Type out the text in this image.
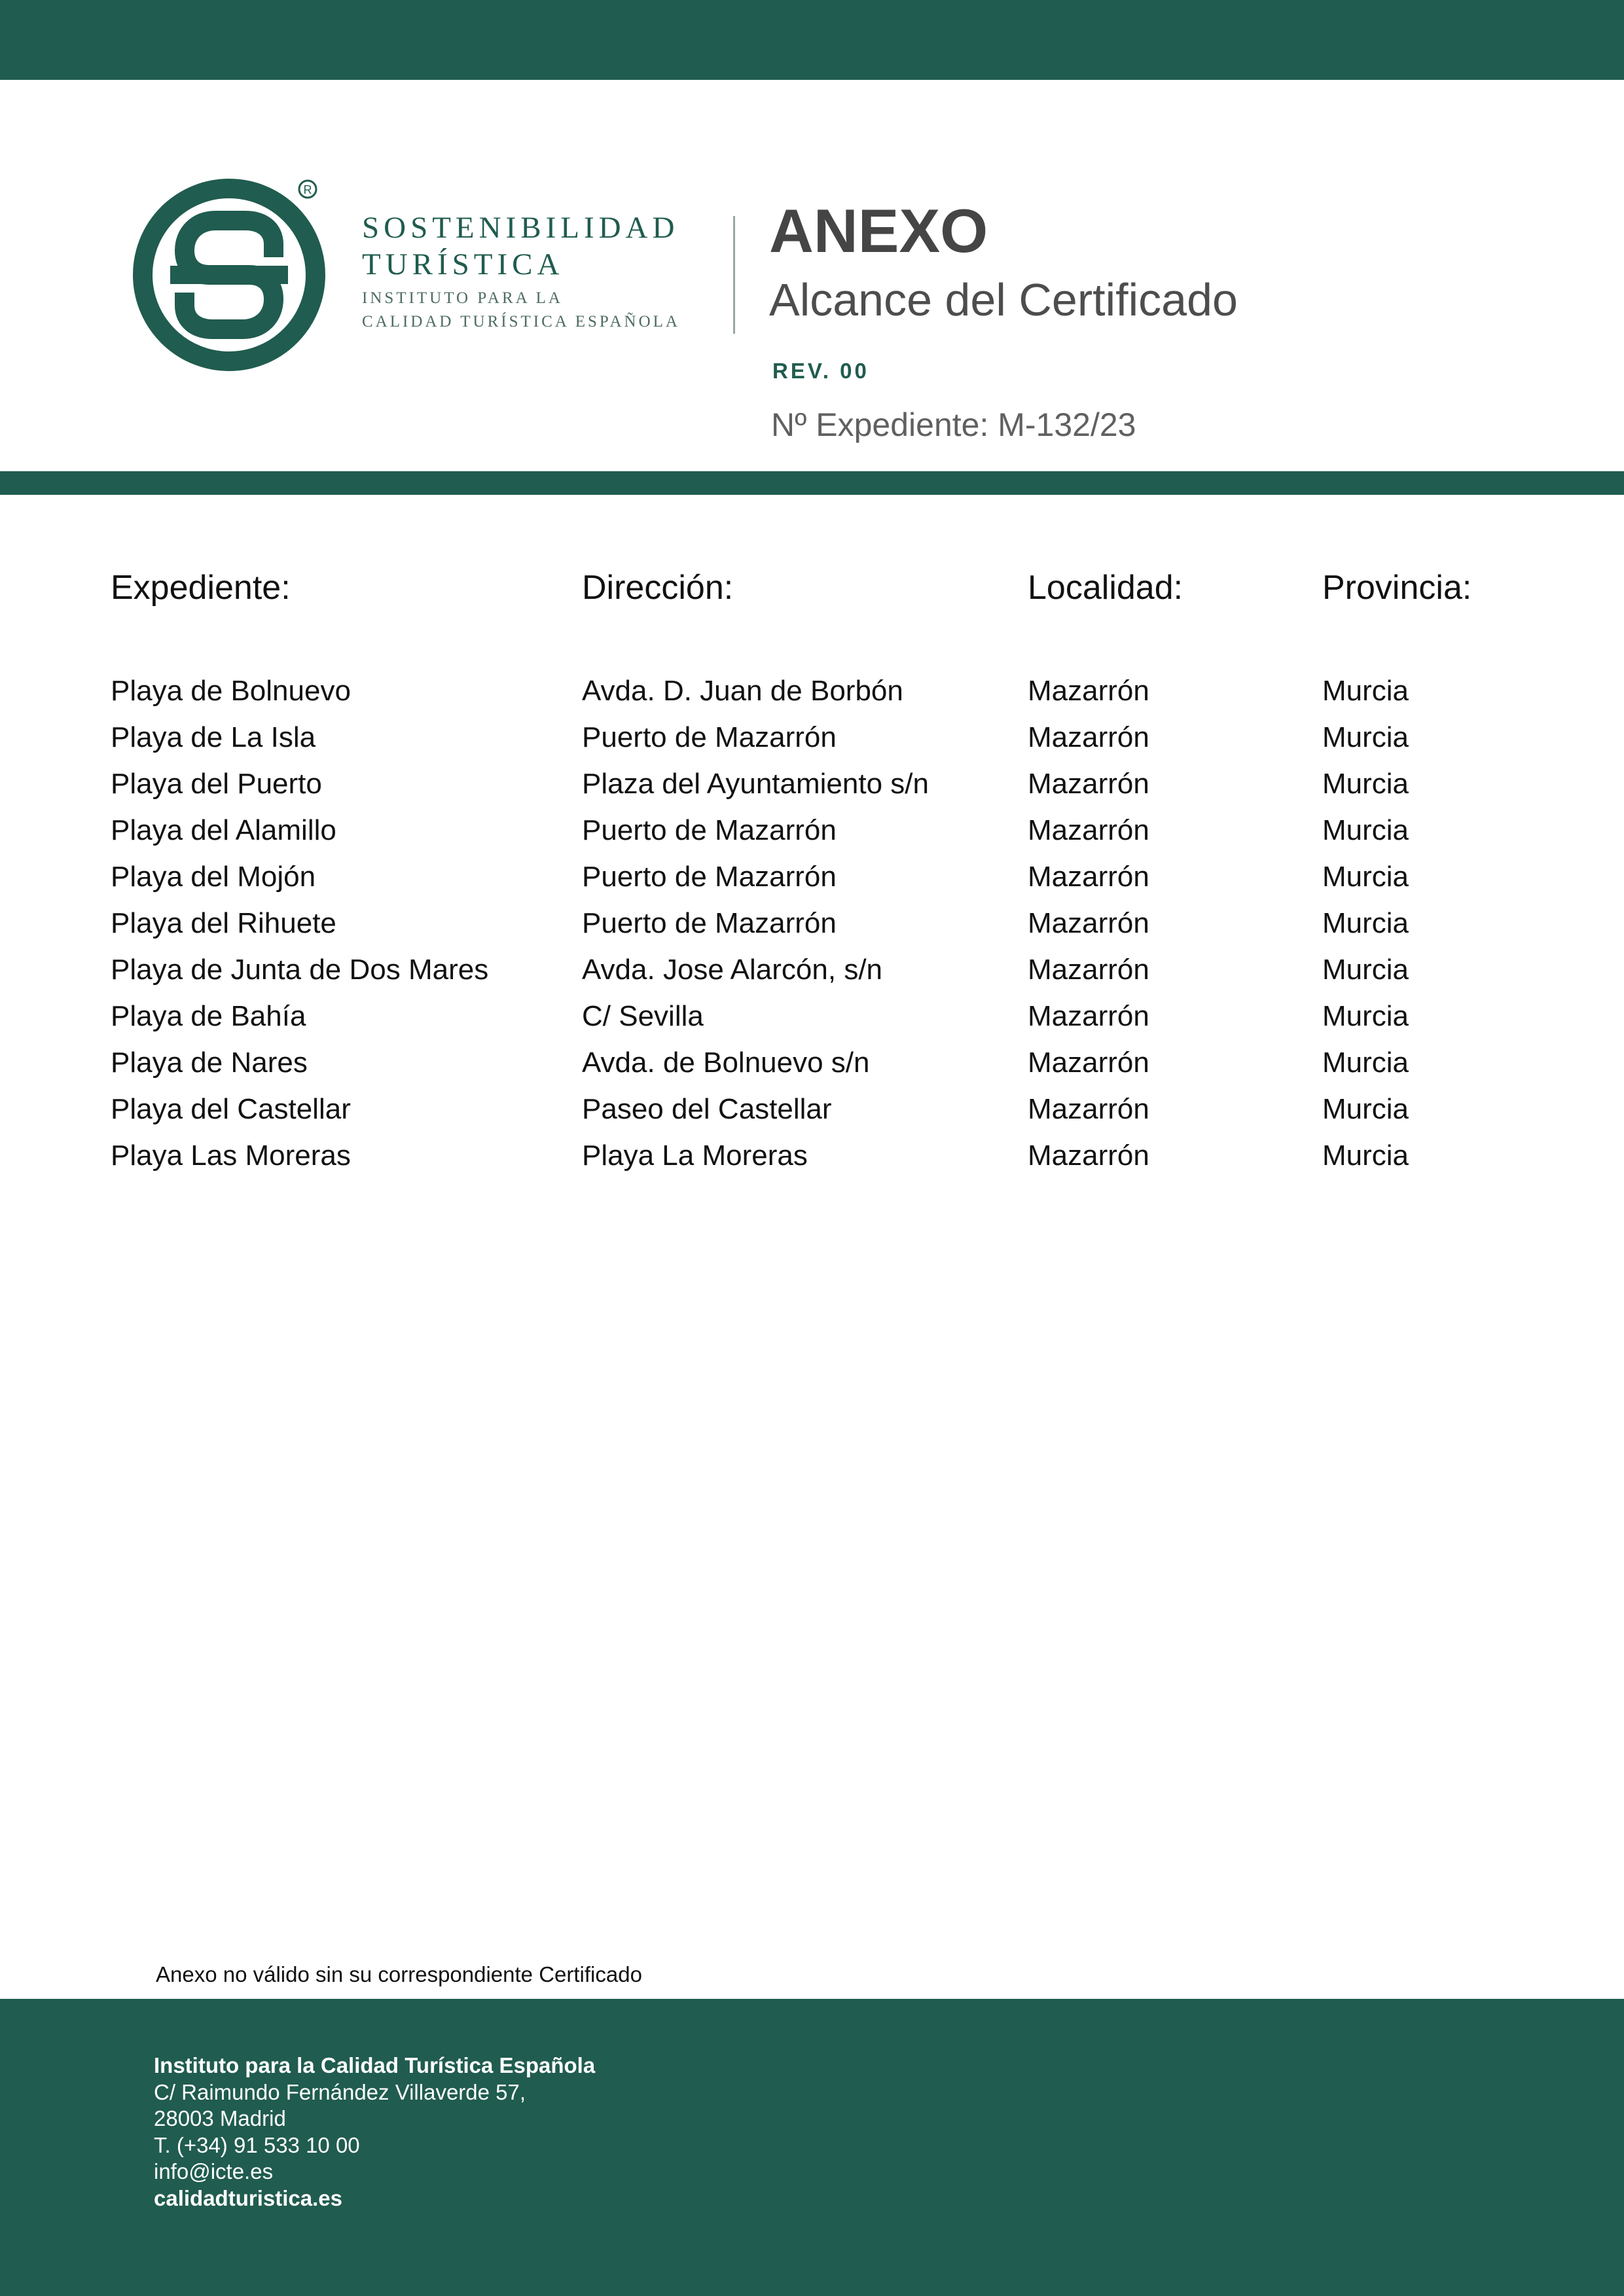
R
SOSTENIBILIDAD
TURÍSTICA
INSTITUTO PARA LA
CALIDAD TURÍSTICA ESPAÑOLA
ANEXO
Alcance del Certificado
REV. 00
Nº Expediente: M-132/23
Expediente:	Dirección:	Localidad:	Provincia:
Playa de Bolnuevo	Avda. D. Juan de Borbón	Mazarrón	Murcia
Playa de La Isla	Puerto de Mazarrón	Mazarrón	Murcia
Playa del Puerto	Plaza del Ayuntamiento s/n	Mazarrón	Murcia
Playa del Alamillo	Puerto de Mazarrón	Mazarrón	Murcia
Playa del Mojón	Puerto de Mazarrón	Mazarrón	Murcia
Playa del Rihuete	Puerto de Mazarrón	Mazarrón	Murcia
Playa de Junta de Dos Mares	Avda. Jose Alarcón, s/n	Mazarrón	Murcia
Playa de Bahía	C/ Sevilla	Mazarrón	Murcia
Playa de Nares	Avda. de Bolnuevo s/n	Mazarrón	Murcia
Playa del Castellar	Paseo del Castellar	Mazarrón	Murcia
Playa Las Moreras	Playa La Moreras	Mazarrón	Murcia
Anexo no válido sin su correspondiente Certificado
Instituto para la Calidad Turística Española
C/ Raimundo Fernández Villaverde 57,
28003 Madrid
T. (+34) 91 533 10 00
info@icte.es
calidadturistica.es
